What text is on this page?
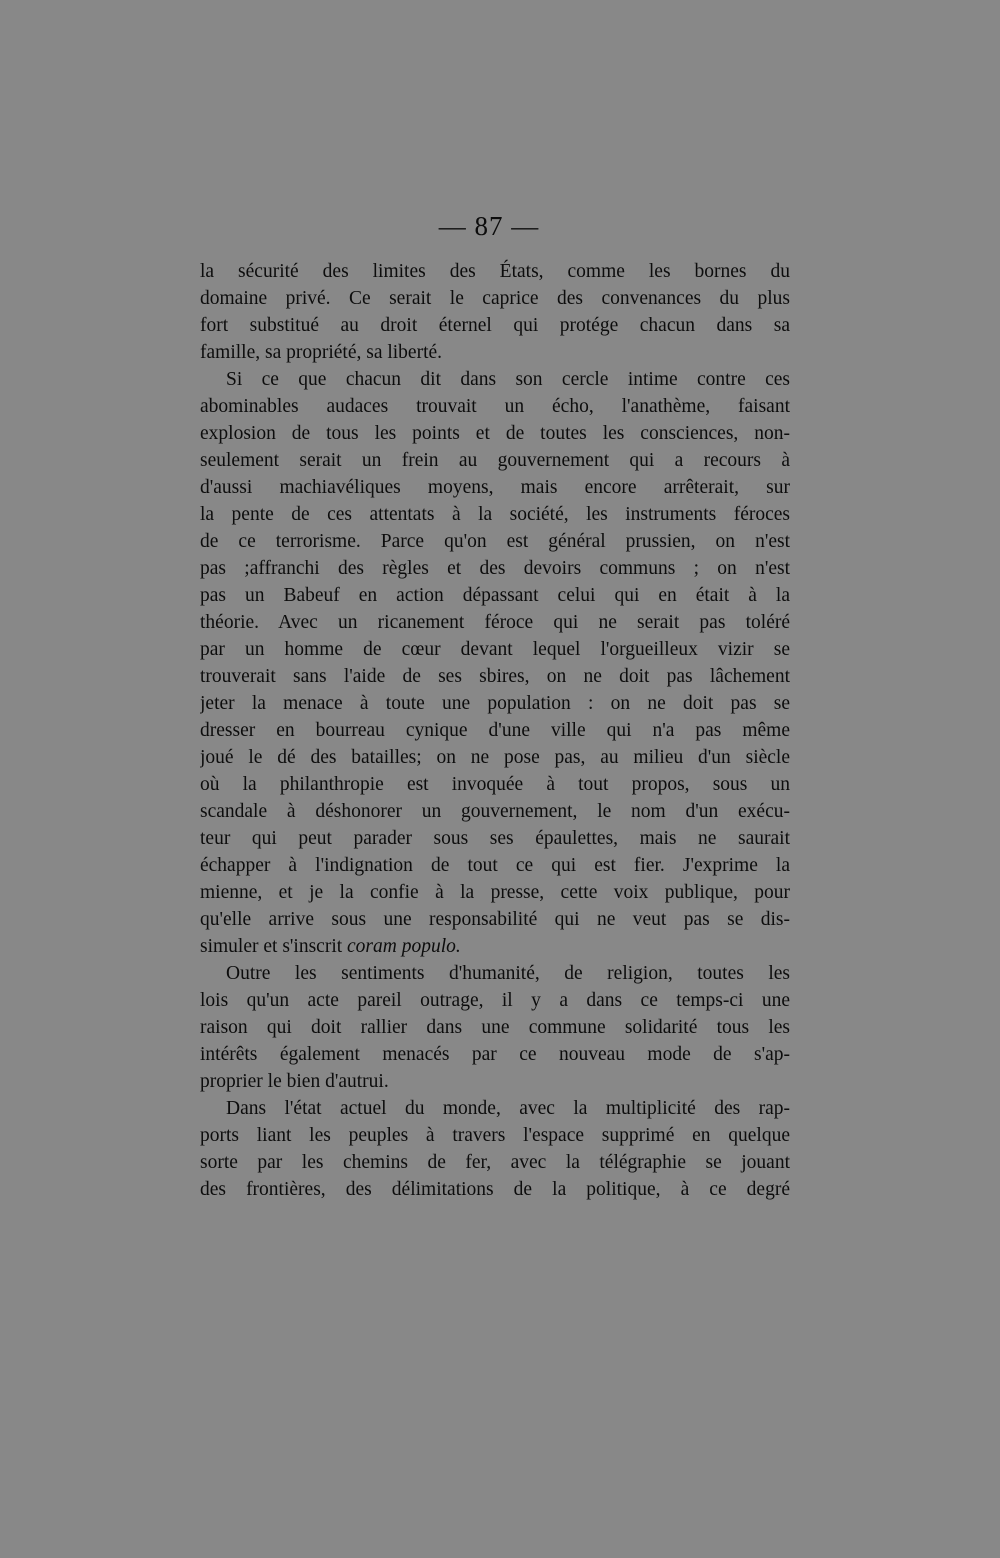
— 87 —
la sécurité des limites des États, comme les bornes du
domaine privé. Ce serait le caprice des convenances du plus
fort substitué au droit éternel qui protége chacun dans sa
famille, sa propriété, sa liberté.
Si ce que chacun dit dans son cercle intime contre ces
abominables audaces trouvait un écho, l'anathème, faisant
explosion de tous les points et de toutes les consciences, non-
seulement serait un frein au gouvernement qui a recours à
d'aussi machiavéliques moyens, mais encore arrêterait, sur
la pente de ces attentats à la société, les instruments féroces
de ce terrorisme. Parce qu'on est général prussien, on n'est
pas ;affranchi des règles et des devoirs communs ; on n'est
pas un Babeuf en action dépassant celui qui en était à la
théorie. Avec un ricanement féroce qui ne serait pas toléré
par un homme de cœur devant lequel l'orgueilleux vizir se
trouverait sans l'aide de ses sbires, on ne doit pas lâchement
jeter la menace à toute une population : on ne doit pas se
dresser en bourreau cynique d'une ville qui n'a pas même
joué le dé des batailles; on ne pose pas, au milieu d'un siècle
où la philanthropie est invoquée à tout propos, sous un
scandale à déshonorer un gouvernement, le nom d'un exécu-
teur qui peut parader sous ses épaulettes, mais ne saurait
échapper à l'indignation de tout ce qui est fier. J'exprime la
mienne, et je la confie à la presse, cette voix publique, pour
qu'elle arrive sous une responsabilité qui ne veut pas se dis-
simuler et s'inscrit coram populo.
Outre les sentiments d'humanité, de religion, toutes les
lois qu'un acte pareil outrage, il y a dans ce temps-ci une
raison qui doit rallier dans une commune solidarité tous les
intérêts également menacés par ce nouveau mode de s'ap-
proprier le bien d'autrui.
Dans l'état actuel du monde, avec la multiplicité des rap-
ports liant les peuples à travers l'espace supprimé en quelque
sorte par les chemins de fer, avec la télégraphie se jouant
des frontières, des délimitations de la politique, à ce degré
